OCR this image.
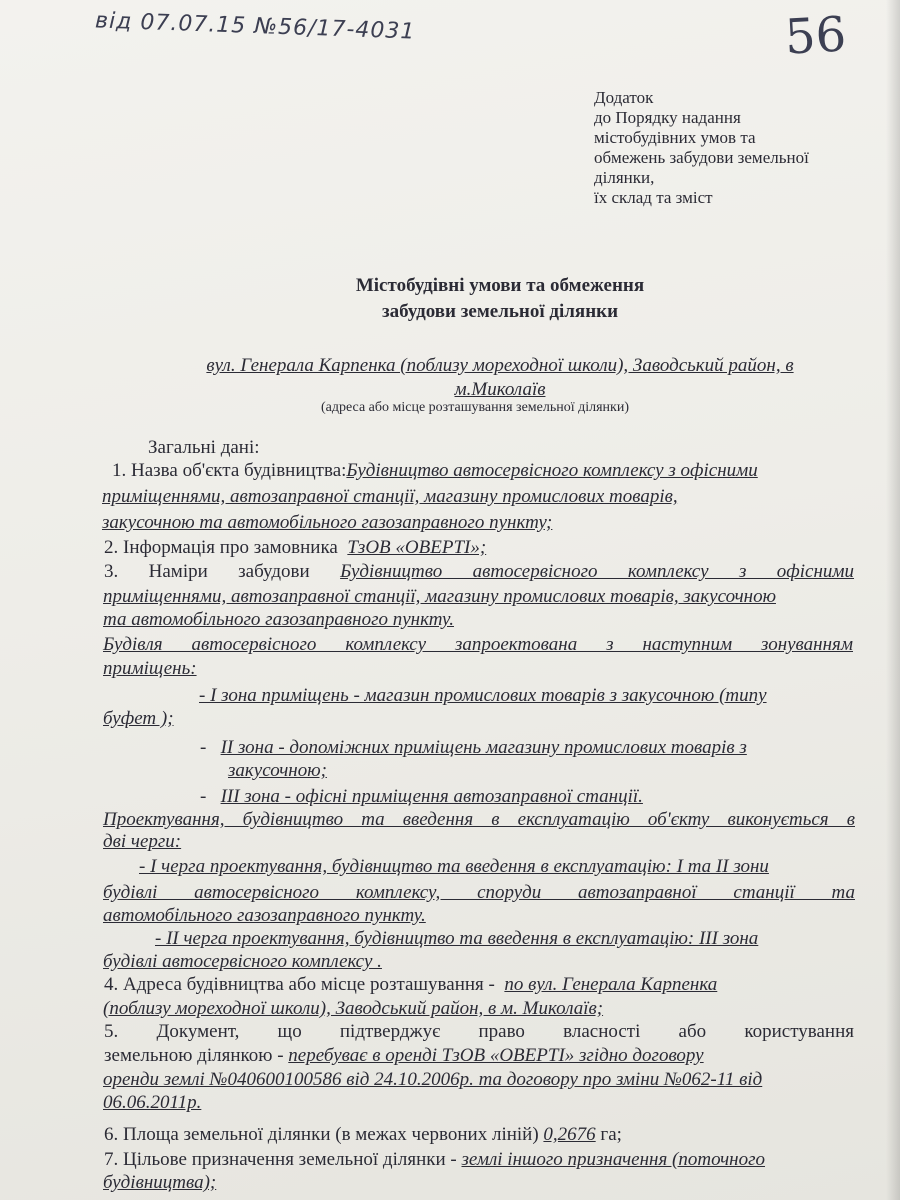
від 07.07.15 №56/17-4031	56
Додаток
до Порядку надання
містобудівних умов та
обмежень забудови земельної
ділянки,
їх склад та зміст
Містобудівні умови та обмеження
забудови земельної ділянки
вул. Генерала Карпенка (поблизу мореходної школи), Заводський район, в
м.Миколаїв
(адреса або місце розташування земельної ділянки)
Загальні дані:
1. Назва об'єкта будівництва:Будівництво автосервісного комплексу з офісними
приміщеннями, автозаправної станції, магазину промислових товарів,
закусочною та автомобільного газозаправного пункту;
2. Інформація про замовника ТзОВ «ОВЕРТІ»;
3. Наміри забудови Будівництво автосервісного комплексу з офісними
приміщеннями, автозаправної станції, магазину промислових товарів, закусочною
та автомобільного газозаправного пункту.
Будівля автосервісного комплексу запроектована з наступним зонуванням
приміщень:
- І зона приміщень - магазин промислових товарів з закусочною (типу
буфет );
-   ІІ зона - допоміжних приміщень магазину промислових товарів з
закусочною;
-   ІІІ зона - офісні приміщення автозаправної станції.
Проектування, будівництво та введення в експлуатацію об'єкту виконується в
дві черги:
- І черга проектування, будівництво та введення в експлуатацію: І та ІІ зони
будівлі автосервісного комплексу, споруди автозаправної станції та
автомобільного газозаправного пункту.
- ІІ черга проектування, будівництво та введення в експлуатацію: ІІІ зона
будівлі автосервісного комплексу .
4. Адреса будівництва або місце розташування - по вул. Генерала Карпенка
(поблизу мореходної школи), Заводський район, в м. Миколаїв;
5. Документ, що підтверджує право власності або користування
земельною ділянкою - перебуває в оренді ТзОВ «ОВЕРТІ» згідно договору
оренди землі №040600100586 від 24.10.2006р. та договору про зміни №062-11 від
06.06.2011р.
6. Площа земельної ділянки (в межах червоних ліній) 0,2676 га;
7. Цільове призначення земельної ділянки - землі іншого призначення (поточного
будівництва);
